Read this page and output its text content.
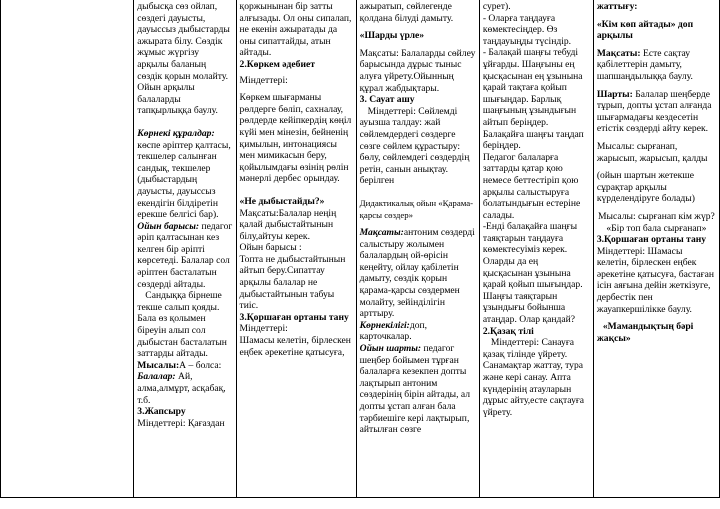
дыбысқа сөз ойлап, сөздегі дауысты, дауыссыз дыбыстарды ажырата білу. Сөздік жұмыс жүргізу арқылы баланың сөздік қорын молайту. Ойын арқылы балаларды тапқырлыққа баулу.
Көрнекі құралдар: көспе әріптер қалтасы, текшелер салынған сандық, текшелер (дыбыстардың дауысты, дауыссыз екендігін білдіретін ерекше белгісі бар).
Ойын барысы: педагог әріп қалтасынан кез келген бір әріпті көрсетеді. Балалар сол әріптен басталатын сөздерді айтады.
Сандыққа бірнеше текше салып қояды. Бала өз қолымен біреуін алып сол дыбыстан басталатын заттарды айтады.
Мысалы:А – болса:
Балалар: Ай, алма,алмұрт, асқабақ, т.б.
3.Жапсыру
Міндеттері: Қағаздан

қоржынынан бір затты алғызады. Ол оны сипалап, не екенін ажыратады да оны сипаттайды, атын айтады.
2.Көркем әдебиет
Міндеттері:
Көркем шығарманы рөлдерге бөліп, сахналау, рөлдерде кейіпкердің көңіл күйі мен мінезін, бейненің қимылын, интонациясы мен мимикасын беру, қойылымдағы өзінің рөлін мәнерлі дербес орындау.
«Не дыбыстайды?»
Мақсаты:Балалар неңің қалай дыбыстайтынын білу,айтуы керек.
Ойын барысы :
Топта не дыбыстайтынын айтып беру.Сипаттау арқылы балалар не дыбыстайтынын табуы тиіс.
3.Қоршаған ортаны тану
Міндеттері:
Шамасы келетін, бірлескен еңбек әрекетіне қатысуға,

ажыратып, сөйлегенде қолдана білуді дамыту.
«Шарды үрле»
Мақсаты: Балаларды сөйлеу барысында дұрыс тыныс алуға үйрету.Ойынның құрал жабдықтары.
3. Сауат ашу
Міндеттері: Сөйлемді ауызша талдау: жай сөйлемдердегі сөздерге сөзге сөйлем құрастыру: бөлу, сөйлемдегі сөздердің ретін, санын анықтау. берілген
Дидактикалық ойын «Қарама-қарсы сөздер»
Мақсаты:антоним сөздерді салыстыру жолымен балалардың ой-өрісін кеңейту, ойлау қабілетін дамыту, сөздік қорын қарама-қарсы сөздермен молайту, зейінділігін арттыру.
Көрнекілігі:доп, карточкалар.
Ойын шарты: педагог шеңбер бойымен тұрған балаларға кезекпен допты лақтырып антоним сөздерінің бірін айтады, ал допты ұстап алған бала тәрбиешіге кері лақтырып, айтылған сөзге

сурет).
- Оларға таңдауға көмектесіңдер. Өз таңдауыңды түсіндір.
- Балақай шаңғы тебуді ұйғарды. Шаңғыны ең қысқасынан ең ұзынына қарай тақтаға қойып шығыңдар. Барлық шаңғының ұзындығын айтып беріңдер.
Балақайға шаңғы таңдап беріңдер.
Педагог балаларға заттарды қатар қою немесе беттестіріп қою арқылы салыстыруға болатындығын естеріне салады.
-Енді балақайға шаңғы таяқтарын таңдауға көмектесуіміз керек. Оларды да ең қысқасынан ұзынына қарай қойып шығыңдар. Шаңғы таяқтарын ұзындығы бойынша атаңдар. Олар қандай?
2.Қазақ тілі
Міндеттері: Санауға қазақ тілінде үйрету. Санамақтар жаттау, тура және кері санау. Апта күндерінің атауларын дұрыс айту,есте сақтауға үйрету.

жаттығу:
«Кім көп айтады» доп арқылы
Мақсаты: Есте сақтау қабілеттерін дамыту, шапшаңдылыққа баулу.
Шарты: Балалар шеңберде тұрып, допты ұстап алғанда шығармадағы кездесетін етістік сөздерді айту керек.
Мысалы: сырғанап, жарысып, жарысып, қалды
(ойын шартын жетекше сұрақтар арқылы күрделендіруге болады)
Мысалы: сырғанап кім жүр? «Бір топ бала сырғанап»
3.Қоршаған ортаны тану
Міндеттері: Шамасы келетін, бірлескен еңбек әрекетіне қатысуға, бастаған ісін аяғына дейін жеткізуге, дербестік пен жауапкершілікке баулу.
«Мамандықтың бәрі жақсы»
